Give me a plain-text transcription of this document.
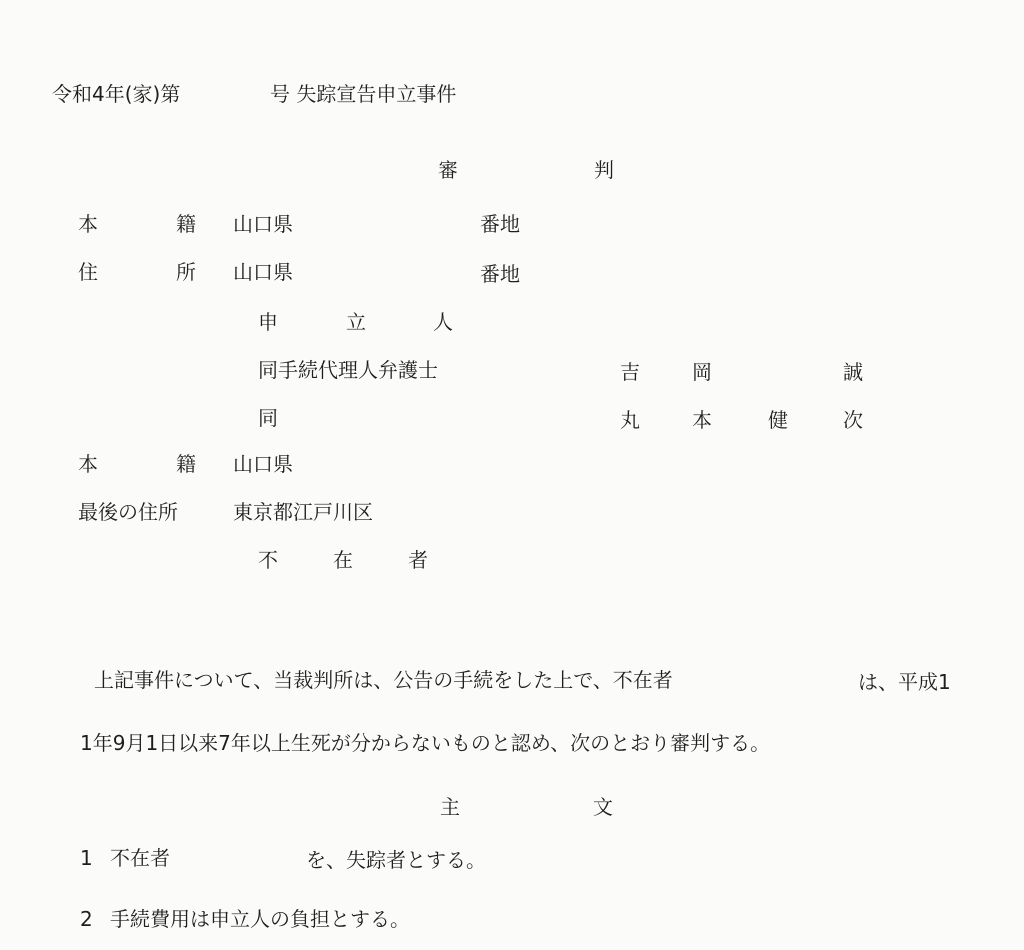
令和4年(家)第	号 失踪宣告申立事件
審	判
本	籍 山口県	番地
住	所 山口県	番地
申	立	人
同手続代理人弁護士	吉	岡	誠
同	丸	本	健	次
本	籍 山口県
最後の住所	東京都江戸川区
不	在	者
上記事件について、当裁判所は、公告の手続をした上で、不在者	は、平成1
1年9月1日以来7年以上生死が分からないものと認め、次のとおり審判する。
主	文
1 不在者	を、失踪者とする。
2 手続費用は申立人の負担とする。
